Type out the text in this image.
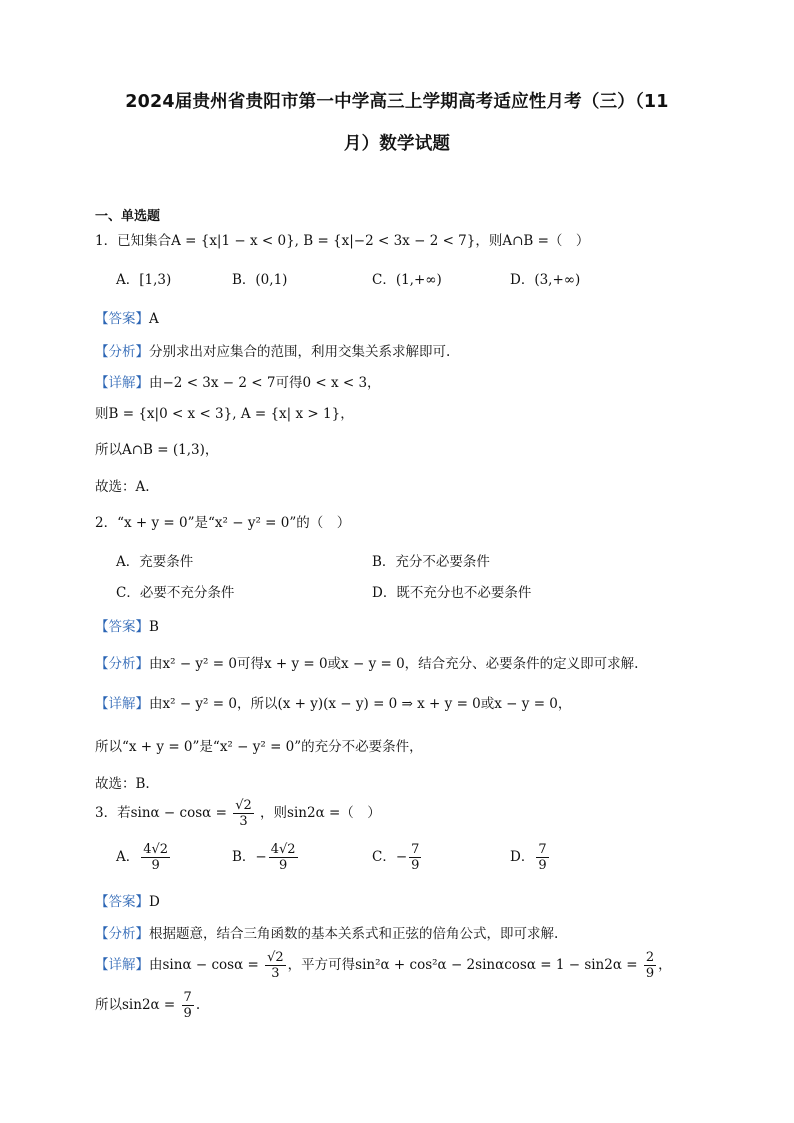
2024届贵州省贵阳市第一中学高三上学期高考适应性月考（三）（11
月）数学试题
一、单选题
1．已知集合A = {x|1 − x < 0}, B = {x|−2 < 3x − 2 < 7}，则A∩B =（　）
A．[1,3)	B．(0,1)	C．(1,+∞)	D．(3,+∞)
【答案】A
【分析】分别求出对应集合的范围，利用交集关系求解即可.
【详解】由−2 < 3x − 2 < 7可得0 < x < 3，
则B = {x|0 < x < 3}, A = {x| x > 1}，
所以A∩B = (1,3)，
故选：A.
2．“x + y = 0”是“x² − y² = 0”的（　）
A．充要条件	B．充分不必要条件
C．必要不充分条件	D．既不充分也不必要条件
【答案】B
【分析】由x² − y² = 0可得x + y = 0或x − y = 0，结合充分、必要条件的定义即可求解.
【详解】由x² − y² = 0，所以(x + y)(x − y) = 0 ⇒ x + y = 0或x − y = 0，
所以“x + y = 0”是“x² − y² = 0”的充分不必要条件，
故选：B.
3．若$\sin\alpha - \cos\alpha = \frac{√2}{3}$ ，则sin2α =（　）
A． $\frac{4√2}{9}$	B．− $\frac{4√2}{9}$	C．− $\frac{7}{9}$	D． $\frac{7}{9}$
【答案】D
【分析】根据题意，结合三角函数的基本关系式和正弦的倍角公式，即可求解.
【详解】由$\sin\alpha - \cos\alpha = \frac{√2}{3}$ ，平方可得$\sin^2\alpha + \cos^2\alpha - 2\sin\alpha\cos\alpha = 1 - \sin 2\alpha = \frac{2}{9}$ ，
所以$\sin 2\alpha = \frac{7}{9}$ .
